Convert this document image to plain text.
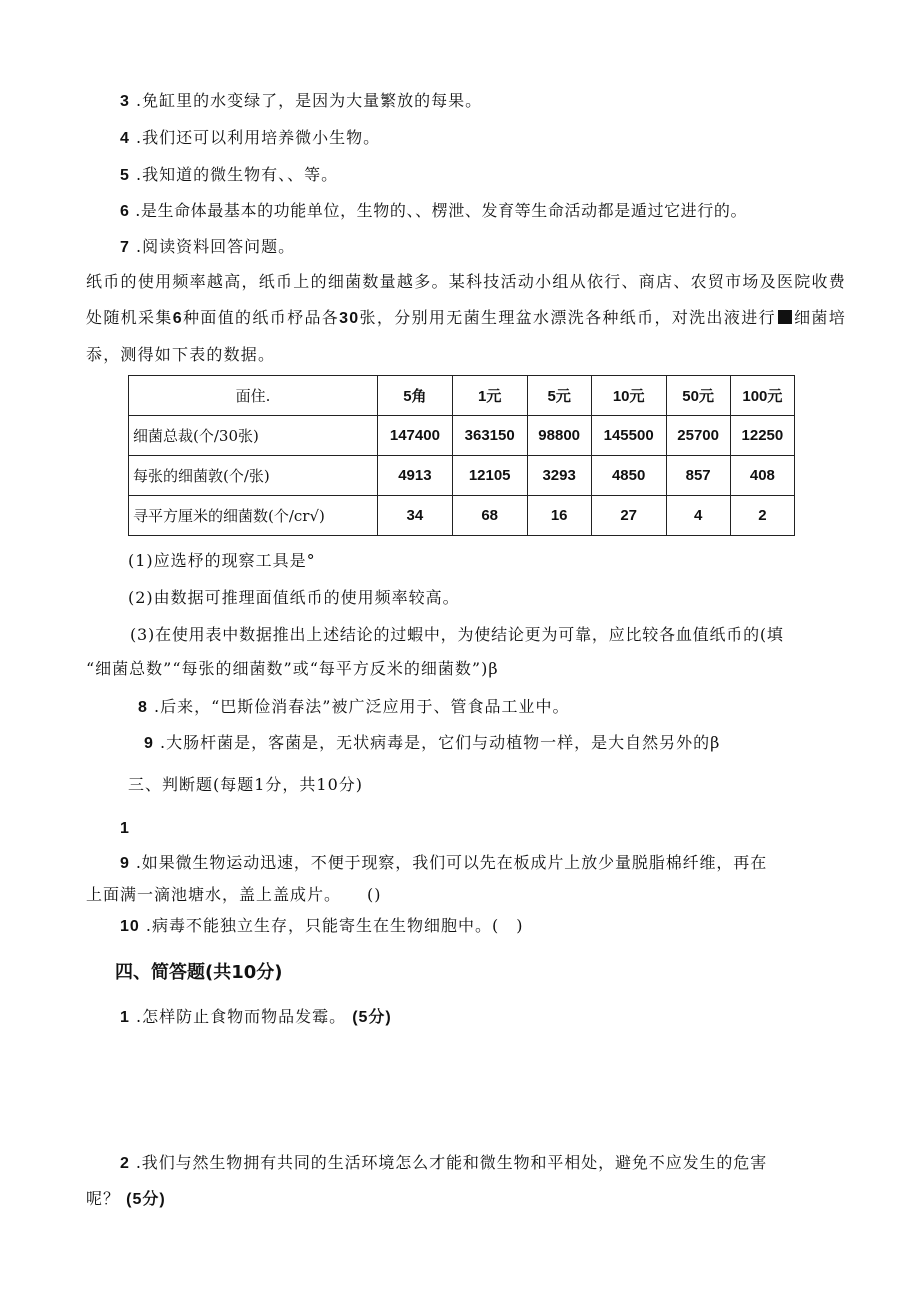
3 .免缸里的水变绿了，是因为大量繁放的每果。
4 .我们还可以利用培养微小生物。
5 .我知道的微生物有、、等。
6 .是生命体最基本的功能单位，生物的、、楞泄、发育等生命活动都是遁过它进行的。
7 .阅读资料回答问题。
纸币的使用频率越高，纸币上的细菌数量越多。某科技活动小组从依行、商店、农贸市场及医院收费处随机采集6种面值的纸币杼品各30张，分别用无菌生理盆水漂洗各种纸币，对洗出液进行 细菌培忝，测得如下表的数据。
面住.	5角	1元	5元	10元	50元	100元
细菌总裁(个/30张)	147400	363150	98800	145500	25700	12250
每张的细菌敦(个/张)	4913	12105	3293	4850	857	408
寻平方厘米的细菌数(个/cr√)	34	68	16	27	4	2
(1)应选杼的现察工具是°
(2)由数据可推理面值纸币的使用频率较高。
(3)在使用表中数据推出上述结论的过蝦中，为使结论更为可靠，应比较各血值纸币的(填
“细菌总数”“每张的细菌数”或“每平方反米的细菌数”)β
8 .后来，“巴斯俭消春法”被广泛应用于、管食品工业中。
9 .大肠杆菌是，客菌是，无状病毒是，它们与动植物一样，是大自然另外的β
三、判断题(每题1分，共10分)
1
9 .如果微生物运动迅速，不便于现察，我们可以先在板成片上放少量脱脂棉纤维，再在
上面满一滴池塘水，盖上盖成片。　　()
10 .病毒不能独立生存，只能寄生在生物细胞中。(　)
四、简答题(共10分)
1 .怎样防止食物而物品发霉。 (5分)
2 .我们与然生物拥有共同的生活环境怎么才能和微生物和平相处，避免不应发生的危害
呢？ (5分)
